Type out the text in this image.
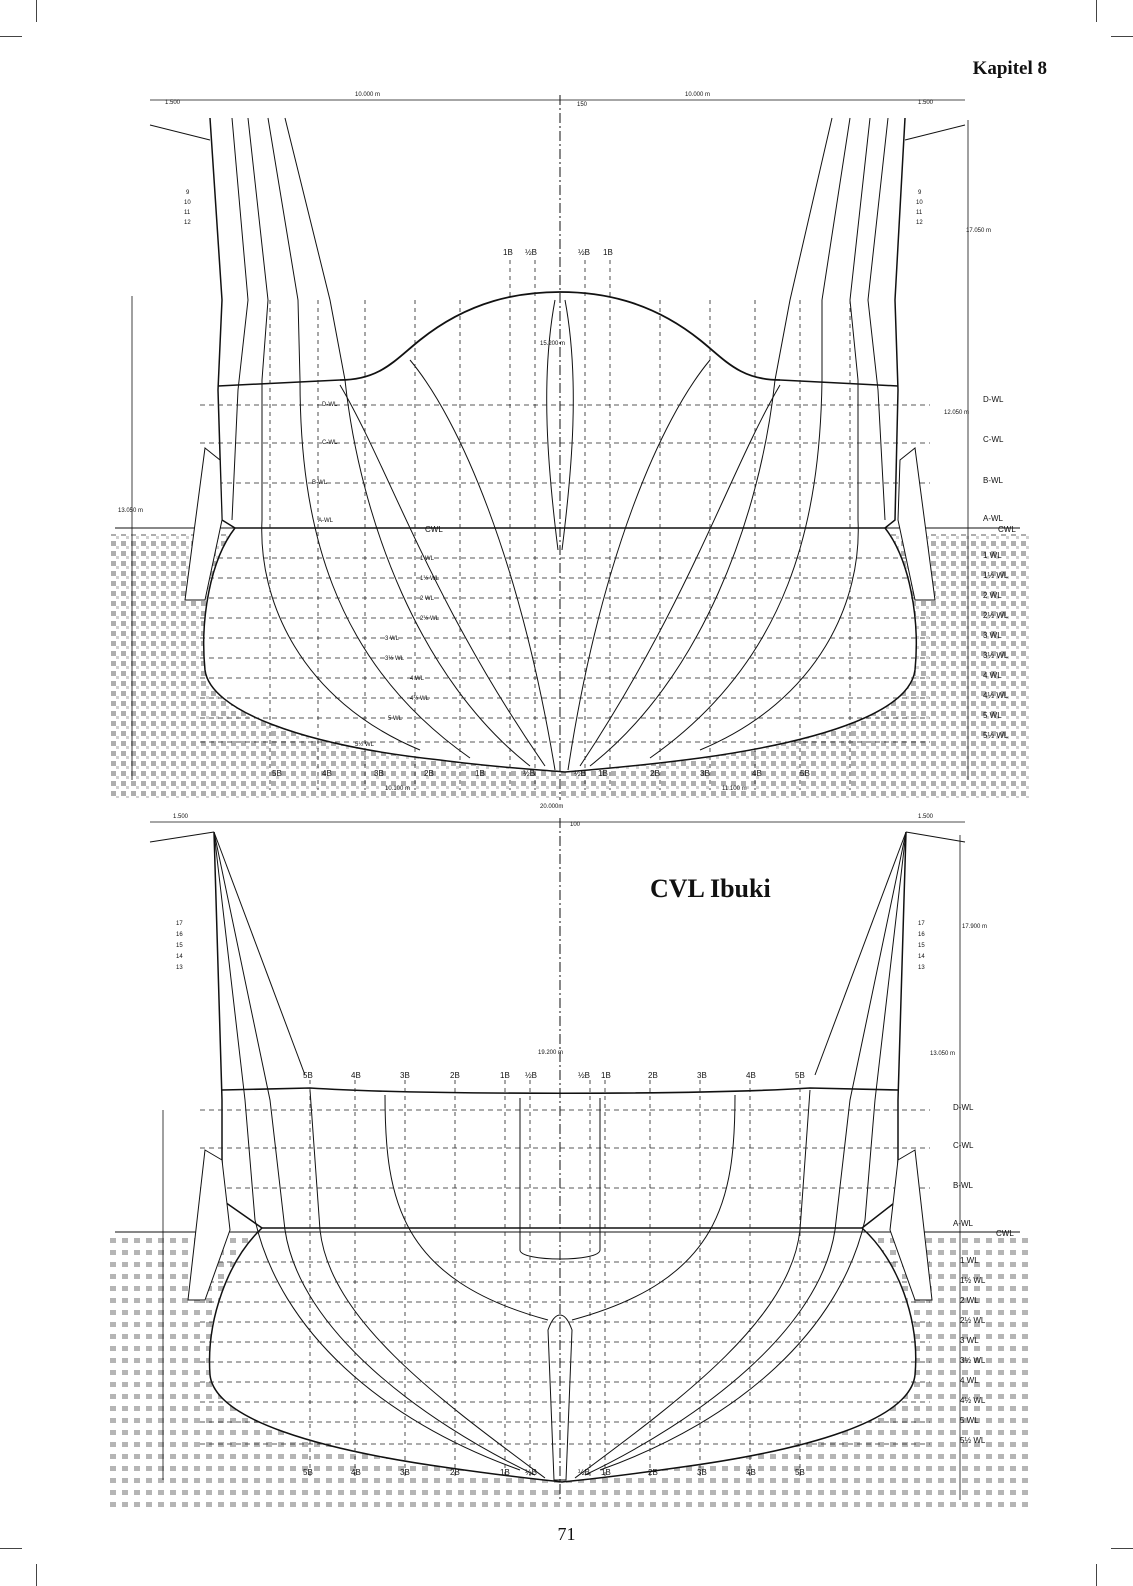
Kapitel 8
1.500
10.000 m	10.000 m
1.500
150
15.200 m
17.050 m
12.050 m
13.050 m
10.100 m	11.100 m
20.000m
1B ½B	½B 1B
9
10
11
12
9
10
11
12
D-WL
C-WL
B-WL
A-WL
CWL
1 WL
1½ WL
2 WL
2½ WL
3 WL
3½ WL
4 WL
4½ WL
5 WL
5½ WL
D-WL
C-WL
B-WL
A-WL
CWL
1 WL
1½ WL
2 WL
2½ WL
3 WL
3½ WL
4 WL
4½ WL
5 WL
5½ WL
5B	4B	3B	2B	1B	½B	½B 1B	2B	3B	4B	5B
1.500	1.500
100
19.200 m
17.900 m
13.050 m
17
16
15
14
13
17
16
15
14
13
5B	4B	3B	2B	1B ½B	½B 1B	2B	3B	4B	5B
D-WL
C-WL
B-WL
A-WL
CWL
1 WL
1½ WL
2 WL
2½ WL
3 WL
3½ WL
4 WL
4½ WL
5 WL
5½ WL
5B	4B	3B	2B	1B ½B	½B 1B	2B	3B	4B	5B
CVL Ibuki
71
